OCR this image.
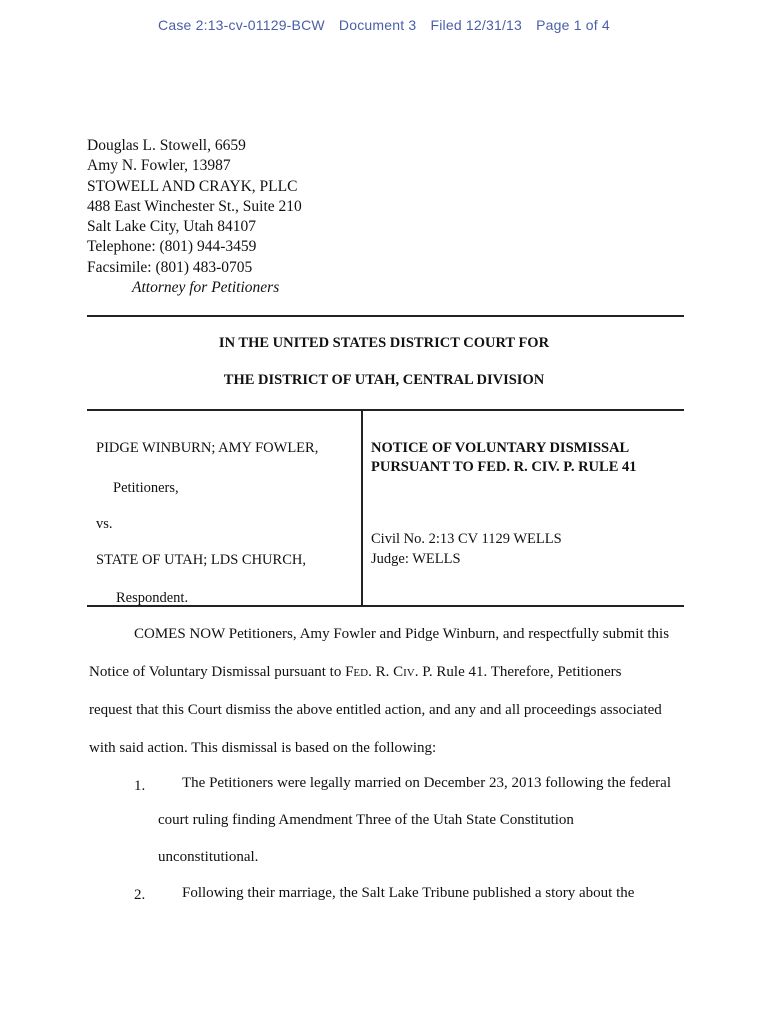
Case 2:13-cv-01129-BCW Document 3 Filed 12/31/13 Page 1 of 4
Douglas L. Stowell, 6659
Amy N. Fowler, 13987
STOWELL AND CRAYK, PLLC
488 East Winchester St., Suite 210
Salt Lake City, Utah 84107
Telephone: (801) 944-3459
Facsimile: (801) 483-0705
Attorney for Petitioners
IN THE UNITED STATES DISTRICT COURT FOR
THE DISTRICT OF UTAH, CENTRAL DIVISION
PIDGE WINBURN; AMY FOWLER,
Petitioners,
vs.
STATE OF UTAH; LDS CHURCH,
Respondent.
NOTICE OF VOLUNTARY DISMISSAL
PURSUANT TO FED. R. CIV. P. RULE 41
Civil No. 2:13 CV 1129 WELLS
Judge: WELLS
COMES NOW Petitioners, Amy Fowler and Pidge Winburn, and respectfully submit this
Notice of Voluntary Dismissal pursuant to Fed. R. Civ. P. Rule 41. Therefore, Petitioners
request that this Court dismiss the above entitled action, and any and all proceedings associated
with said action. This dismissal is based on the following:
1. The Petitioners were legally married on December 23, 2013 following the federal
court ruling finding Amendment Three of the Utah State Constitution
unconstitutional.
2. Following their marriage, the Salt Lake Tribune published a story about the
